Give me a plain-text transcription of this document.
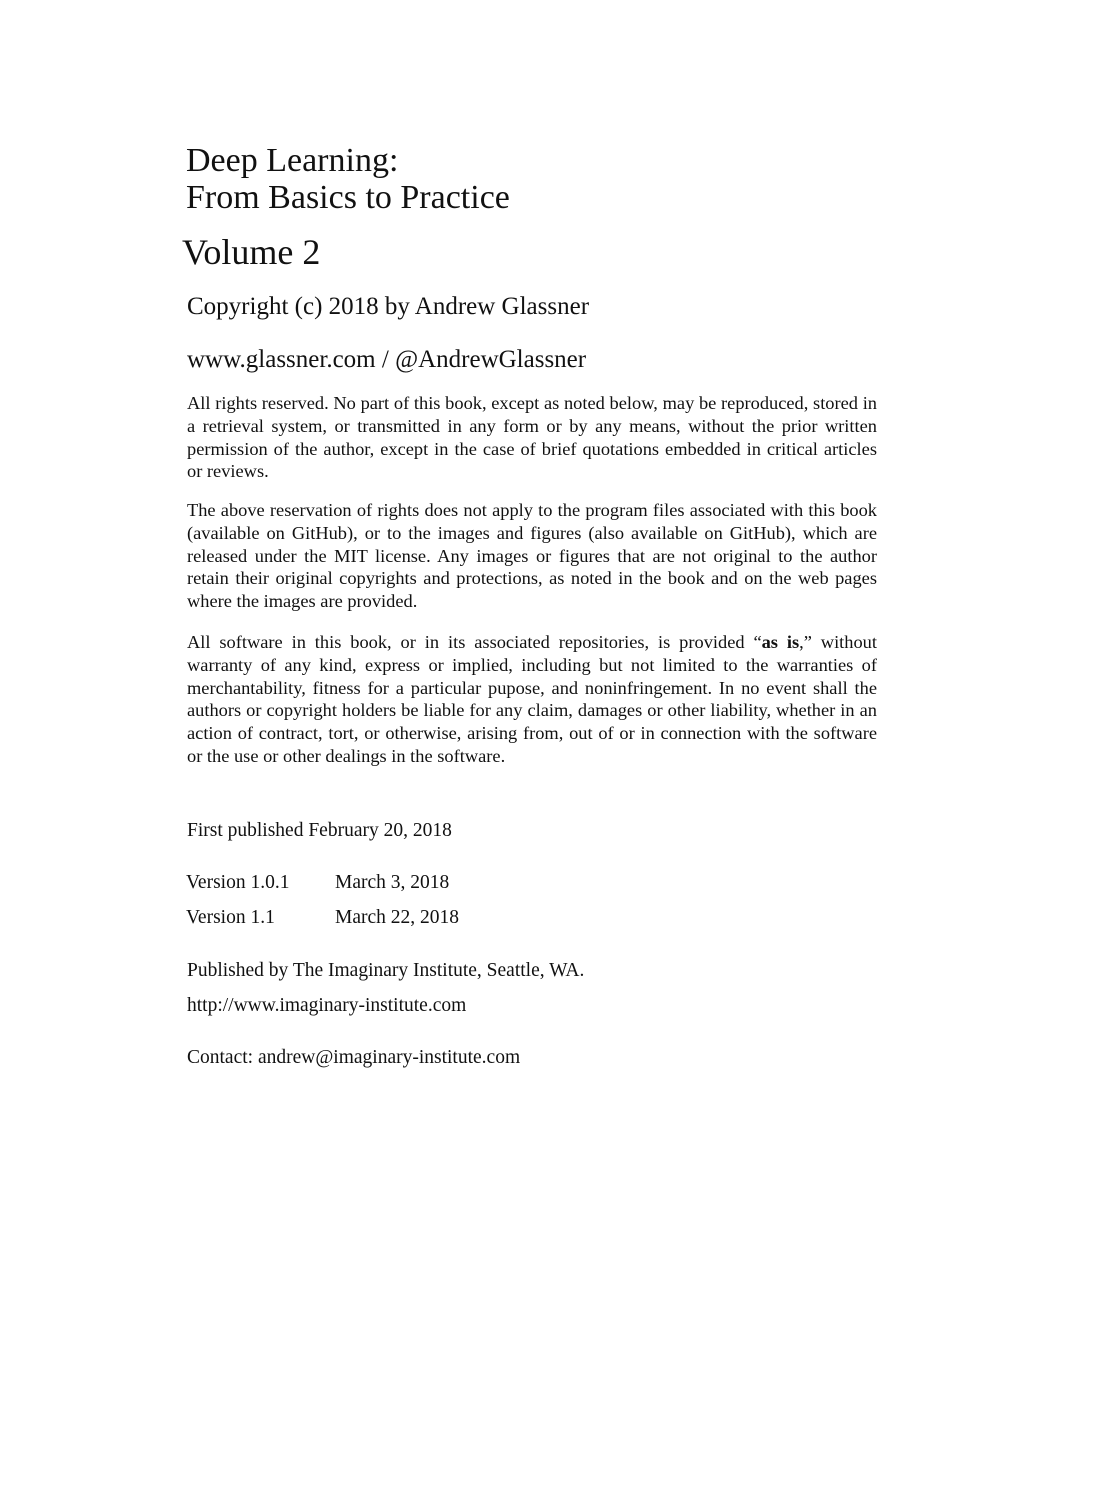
Deep Learning:
From Basics to Practice
Volume 2
Copyright (c) 2018 by Andrew Glassner
www.glassner.com / @AndrewGlassner

All rights reserved. No part of this book, except as noted below, may be reproduced, stored in a retrieval system, or transmitted in any form or by any means, without the prior written permission of the author, except in the case of brief quotations embedded in critical articles or reviews.

The above reservation of rights does not apply to the program files associated with this book (available on GitHub), or to the images and figures (also available on GitHub), which are released under the MIT license. Any images or figures that are not original to the author retain their original copyrights and protections, as noted in the book and on the web pages where the images are provided.

All software in this book, or in its associated repositories, is provided “as is,” without warranty of any kind, express or implied, including but not limited to the warranties of merchantability, fitness for a particular pupose, and noninfringement. In no event shall the authors or copyright holders be liable for any claim, damages or other liability, whether in an action of contract, tort, or otherwise, arising from, out of or in connection with the software or the use or other dealings in the software.

First published February 20, 2018
Version 1.0.1 March 3, 2018
Version 1.1	March 22, 2018
Published by The Imaginary Institute, Seattle, WA.
http://www.imaginary-institute.com
Contact: andrew@imaginary-institute.com
